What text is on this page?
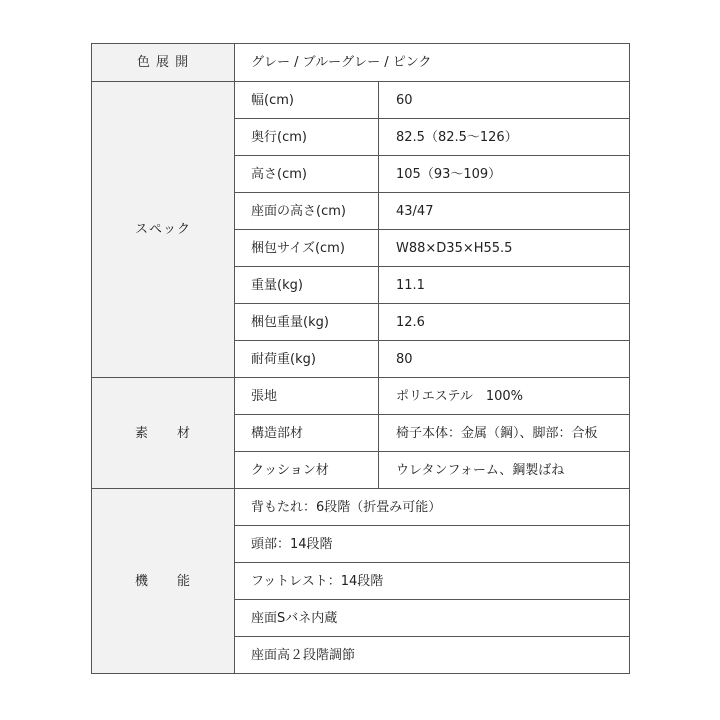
色 展 開	グレー / ブルーグレー / ピンク	
スペック	幅(cm)	60
	奥行(cm)	82.5（82.5〜126）
	高さ(cm)	105（93〜109）
	座面の高さ(cm)	43/47
	梱包サイズ(cm)	W88×D35×H55.5
	重量(kg)	11.1
	梱包重量(kg)	12.6
	耐荷重(kg)	80
素　　材	張地	ポリエステル　100%
	構造部材	椅子本体：金属（鋼）、脚部：合板
	クッション材	ウレタンフォーム、鋼製ばね
機　　能	背もたれ：6段階（折畳み可能）	
	頭部：14段階	
	フットレスト：14段階	
	座面Sバネ内蔵	
	座面高２段階調節	
